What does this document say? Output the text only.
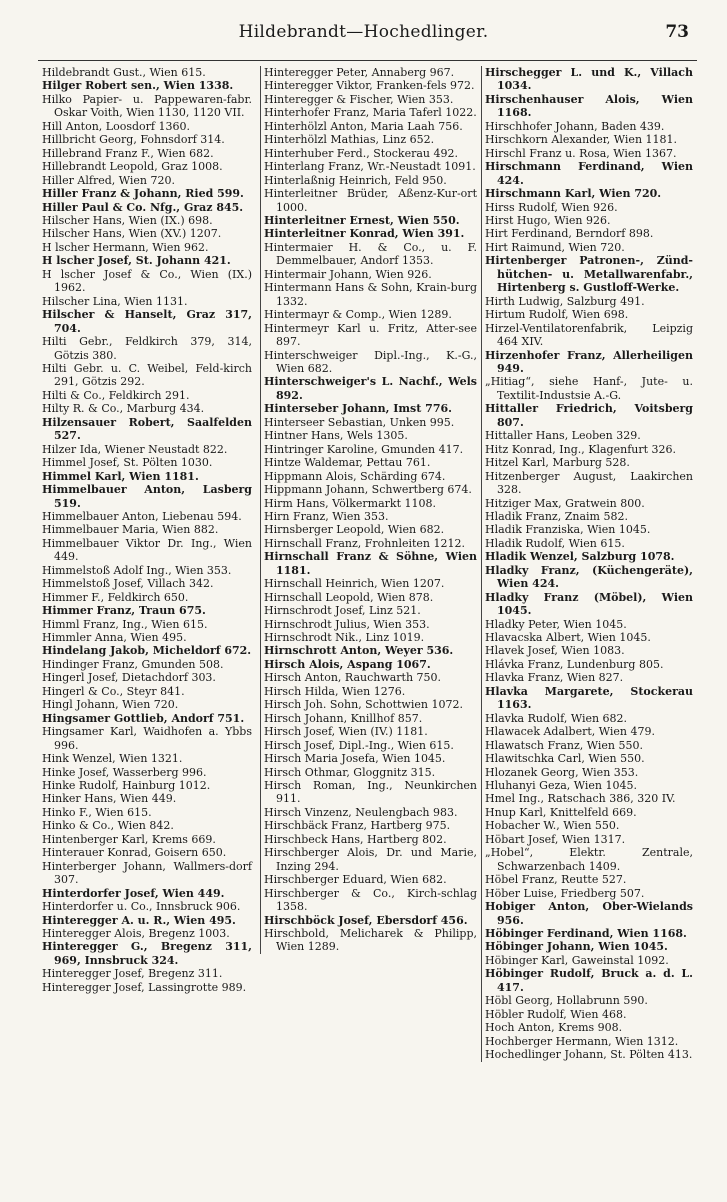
Hildebrandt—Hochedlinger.	73
Hildebrandt Gust., Wien 615.
Hilger Robert sen., Wien 1338.
Hilko Papier- u. Pappewaren-fabr. Oskar Voith, Wien 1130, 1120 VII.
Hill Anton, Loosdorf 1360.
Hillbricht Georg, Fohnsdorf 314.
Hillebrand Franz F., Wien 682.
Hillebrandt Leopold, Graz 1008.
Hiller Alfred, Wien 720.
Hiller Franz & Johann, Ried 599.
Hiller Paul & Co. Nfg., Graz 845.
Hilscher Hans, Wien (IX.) 698.
Hilscher Hans, Wien (XV.) 1207.
H lscher Hermann, Wien 962.
H lscher Josef, St. Johann 421.
H lscher Josef & Co., Wien (IX.) 1962.
Hilscher Lina, Wien 1131.
Hilscher & Hanselt, Graz 317, 704.
Hilti Gebr., Feldkirch 379, 314, Götzis 380.
Hilti Gebr. u. C. Weibel, Feld-kirch 291, Götzis 292.
Hilti & Co., Feldkirch 291.
Hilty R. & Co., Marburg 434.
Hilzensauer Robert, Saalfelden 527.
Hilzer Ida, Wiener Neustadt 822.
Himmel Josef, St. Pölten 1030.
Himmel Karl, Wien 1181.
Himmelbauer Anton, Lasberg 519.
Himmelbauer Anton, Liebenau 594.
Himmelbauer Maria, Wien 882.
Himmelbauer Viktor Dr. Ing., Wien 449.
Himmelstoß Adolf Ing., Wien 353.
Himmelstoß Josef, Villach 342.
Himmer F., Feldkirch 650.
Himmer Franz, Traun 675.
Himml Franz, Ing., Wien 615.
Himmler Anna, Wien 495.
Hindelang Jakob, Micheldorf 672.
Hindinger Franz, Gmunden 508.
Hingerl Josef, Dietachdorf 303.
Hingerl & Co., Steyr 841.
Hingl Johann, Wien 720.
Hingsamer Gottlieb, Andorf 751.
Hingsamer Karl, Waidhofen a. Ybbs 996.
Hink Wenzel, Wien 1321.
Hinke Josef, Wasserberg 996.
Hinke Rudolf, Hainburg 1012.
Hinker Hans, Wien 449.
Hinko F., Wien 615.
Hinko & Co., Wien 842.
Hintenberger Karl, Krems 669.
Hinterauer Konrad, Goisern 650.
Hinterberger Johann, Wallmers-dorf 307.
Hinterdorfer Josef, Wien 449.
Hinterdorfer u. Co., Innsbruck 906.
Hinteregger A. u. R., Wien 495.
Hinteregger Alois, Bregenz 1003.
Hinteregger G., Bregenz 311, 969, Innsbruck 324.
Hinteregger Josef, Bregenz 311.
Hinteregger Josef, Lassingrotte 989.
Hinteregger Peter, Annaberg 967.
Hinteregger Viktor, Franken-fels 972.
Hinteregger & Fischer, Wien 353.
Hinterhofer Franz, Maria Taferl 1022.
Hinterhölzl Anton, Maria Laah 756.
Hinterhölzl Mathias, Linz 652.
Hinterhuber Ferd., Stockerau 492.
Hinterlang Franz, Wr.-Neustadt 1091.
Hinterlaßnig Heinrich, Feld 950.
Hinterleitner Brüder, Aßenz-Kur-ort 1000.
Hinterleitner Ernest, Wien 550.
Hinterleitner Konrad, Wien 391.
Hintermaier H. & Co., u. F. Demmelbauer, Andorf 1353.
Hintermair Johann, Wien 926.
Hintermann Hans & Sohn, Krain-burg 1332.
Hintermayr & Comp., Wien 1289.
Hintermeyr Karl u. Fritz, Atter-see 897.
Hinterschweiger Dipl.-Ing., K.-G., Wien 682.
Hinterschweiger's L. Nachf., Wels 892.
Hinterseber Johann, Imst 776.
Hinterseer Sebastian, Unken 995.
Hintner Hans, Wels 1305.
Hintringer Karoline, Gmunden 417.
Hintze Waldemar, Pettau 761.
Hippmann Alois, Schärding 674.
Hippmann Johann, Schwertberg 674.
Hirm Hans, Völkermarkt 1108.
Hirn Franz, Wien 353.
Hirnsberger Leopold, Wien 682.
Hirnschall Franz, Frohnleiten 1212.
Hirnschall Franz & Söhne, Wien 1181.
Hirnschall Heinrich, Wien 1207.
Hirnschall Leopold, Wien 878.
Hirnschrodt Josef, Linz 521.
Hirnschrodt Julius, Wien 353.
Hirnschrodt Nik., Linz 1019.
Hirnschrott Anton, Weyer 536.
Hirsch Alois, Aspang 1067.
Hirsch Anton, Rauchwarth 750.
Hirsch Hilda, Wien 1276.
Hirsch Joh. Sohn, Schottwien 1072.
Hirsch Johann, Knillhof 857.
Hirsch Josef, Wien (IV.) 1181.
Hirsch Josef, Dipl.-Ing., Wien 615.
Hirsch Maria Josefa, Wien 1045.
Hirsch Othmar, Gloggnitz 315.
Hirsch Roman, Ing., Neunkirchen 911.
Hirsch Vinzenz, Neulengbach 983.
Hirschbäck Franz, Hartberg 975.
Hirschbeck Hans, Hartberg 802.
Hirschberger Alois, Dr. und Marie, Inzing 294.
Hirschberger Eduard, Wien 682.
Hirschberger & Co., Kirch-schlag 1358.
Hirschböck Josef, Ebersdorf 456.
Hirschbold, Melicharek & Philipp, Wien 1289.
Hirschegger L. und K., Villach 1034.
Hirschenhauser Alois, Wien 1168.
Hirschhofer Johann, Baden 439.
Hirschkorn Alexander, Wien 1181.
Hirschl Franz u. Rosa, Wien 1367.
Hirschmann Ferdinand, Wien 424.
Hirschmann Karl, Wien 720.
Hirss Rudolf, Wien 926.
Hirst Hugo, Wien 926.
Hirt Ferdinand, Berndorf 898.
Hirt Raimund, Wien 720.
Hirtenberger Patronen-, Zünd-hütchen- u. Metallwarenfabr., Hirtenberg s. Gustloff-Werke.
Hirth Ludwig, Salzburg 491.
Hirtum Rudolf, Wien 698.
Hirzel-Ventilatorenfabrik, Leipzig 464 XIV.
Hirzenhofer Franz, Allerheiligen 949.
„Hitiag“, siehe Hanf-, Jute- u. Textilit-Industsie A.-G.
Hittaller Friedrich, Voitsberg 807.
Hittaller Hans, Leoben 329.
Hitz Konrad, Ing., Klagenfurt 326.
Hitzel Karl, Marburg 528.
Hitzenberger August, Laakirchen 328.
Hitziger Max, Gratwein 800.
Hladik Franz, Znaim 582.
Hladik Franziska, Wien 1045.
Hladik Rudolf, Wien 615.
Hladik Wenzel, Salzburg 1078.
Hladky Franz, (Küchengeräte), Wien 424.
Hladky Franz (Möbel), Wien 1045.
Hladky Peter, Wien 1045.
Hlavacska Albert, Wien 1045.
Hlavek Josef, Wien 1083.
Hlávka Franz, Lundenburg 805.
Hlavka Franz, Wien 827.
Hlavka Margarete, Stockerau 1163.
Hlavka Rudolf, Wien 682.
Hlawacek Adalbert, Wien 479.
Hlawatsch Franz, Wien 550.
Hlawitschka Carl, Wien 550.
Hlozanek Georg, Wien 353.
Hluhanyi Geza, Wien 1045.
Hmel Ing., Ratschach 386, 320 IV.
Hnup Karl, Knittelfeld 669.
Hobacher W., Wien 550.
Höbart Josef, Wien 1317.
„Hobel“, Elektr. Zentrale, Schwarzenbach 1409.
Höbel Franz, Reutte 527.
Höber Luise, Friedberg 507.
Hobiger Anton, Ober-Wielands 956.
Höbinger Ferdinand, Wien 1168.
Höbinger Johann, Wien 1045.
Höbinger Karl, Gaweinstal 1092.
Höbinger Rudolf, Bruck a. d. L. 417.
Höbl Georg, Hollabrunn 590.
Höbler Rudolf, Wien 468.
Hoch Anton, Krems 908.
Hochberger Hermann, Wien 1312.
Hochedlinger Johann, St. Pölten 413.
